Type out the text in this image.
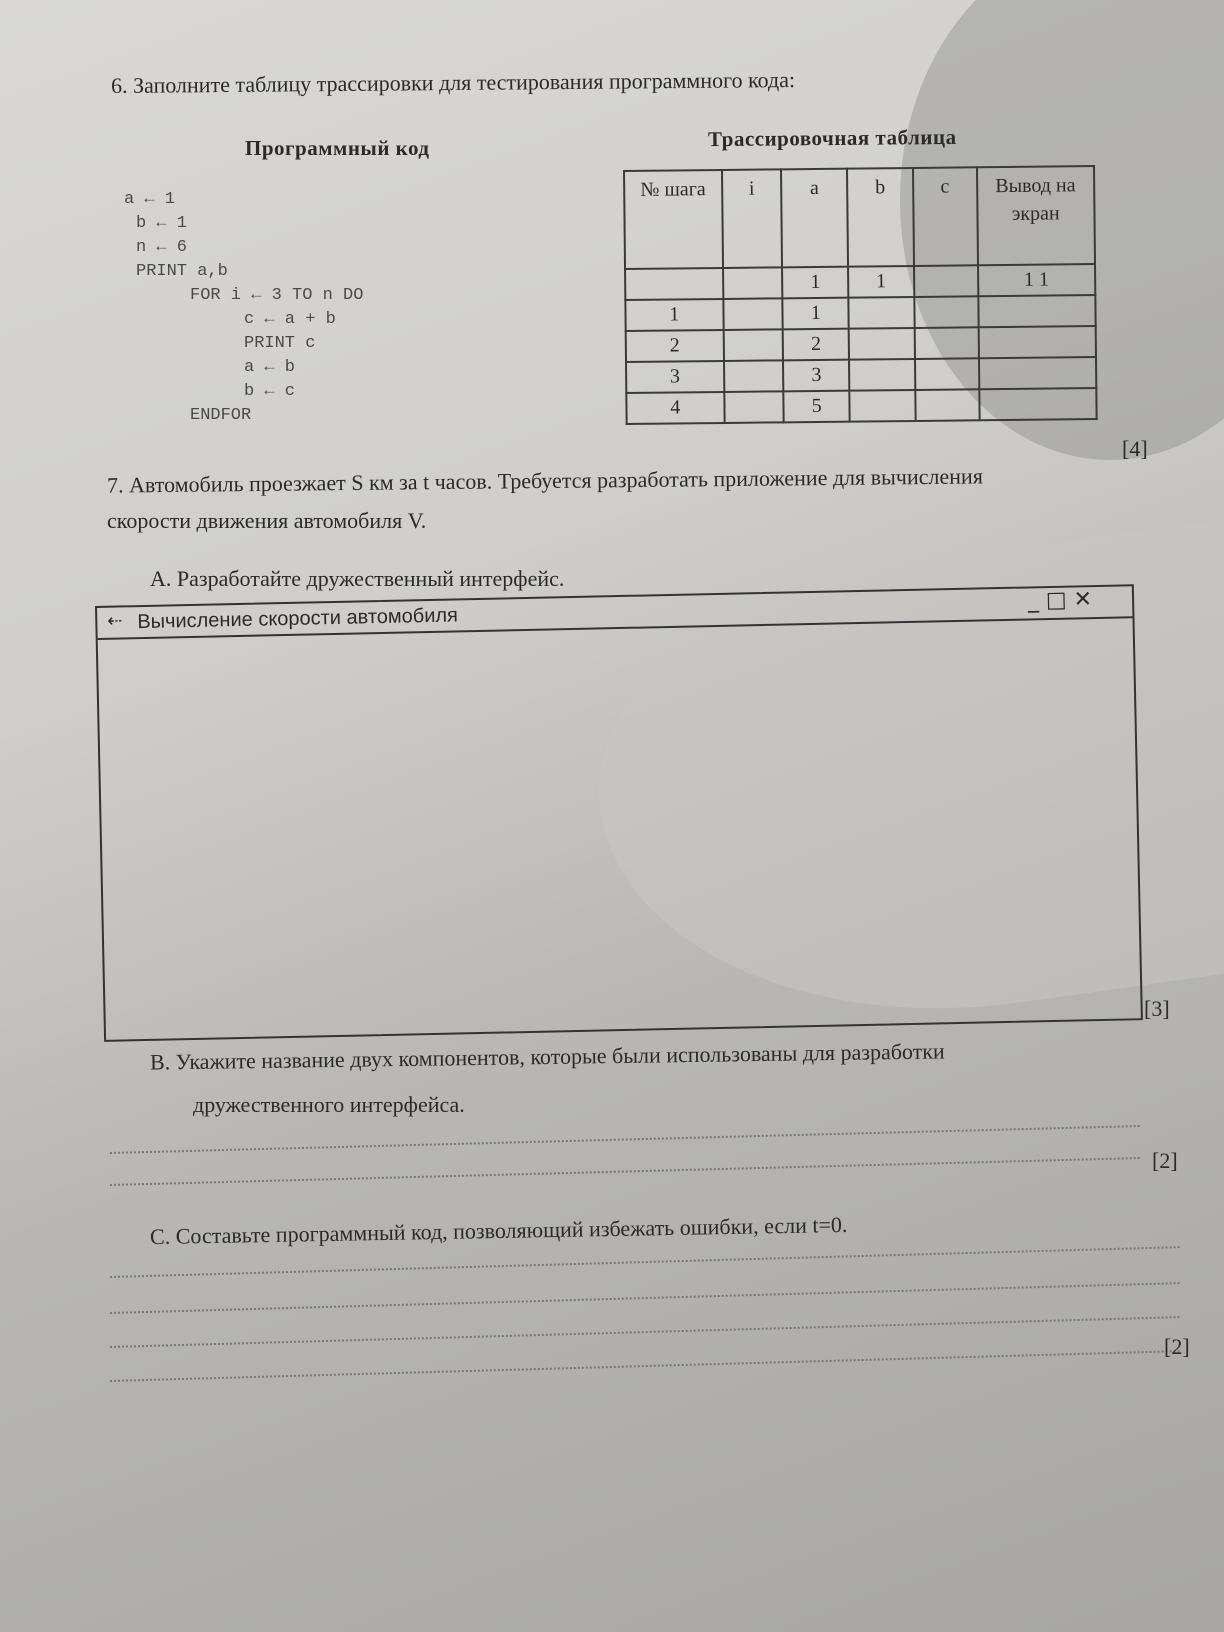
6. Заполните таблицу трассировки для тестирования программного кода:
Программный код	Трассировочная таблица
a ← 1
b ← 1
n ← 6
PRINT a,b
FOR i ← 3 TO n DO
c ← a + b
PRINT c
a ← b
b ← c
ENDFOR
№ шага	i	a	b	c	Вывод на экран
		1	1		1 1
1		1			
2		2			
3		3			
4		5			
[4]
7. Автомобиль проезжает S км за t часов. Требуется разработать приложение для вычисления
скорости движения автомобиля V.
A. Разработайте дружественный интерфейс.
⇠ Вычисление скорости автомобиля
_ □ ✕
[3]
B. Укажите название двух компонентов, которые были использованы для разработки
дружественного интерфейса.
[2]
C. Составьте программный код, позволяющий избежать ошибки, если t=0.
[2]
